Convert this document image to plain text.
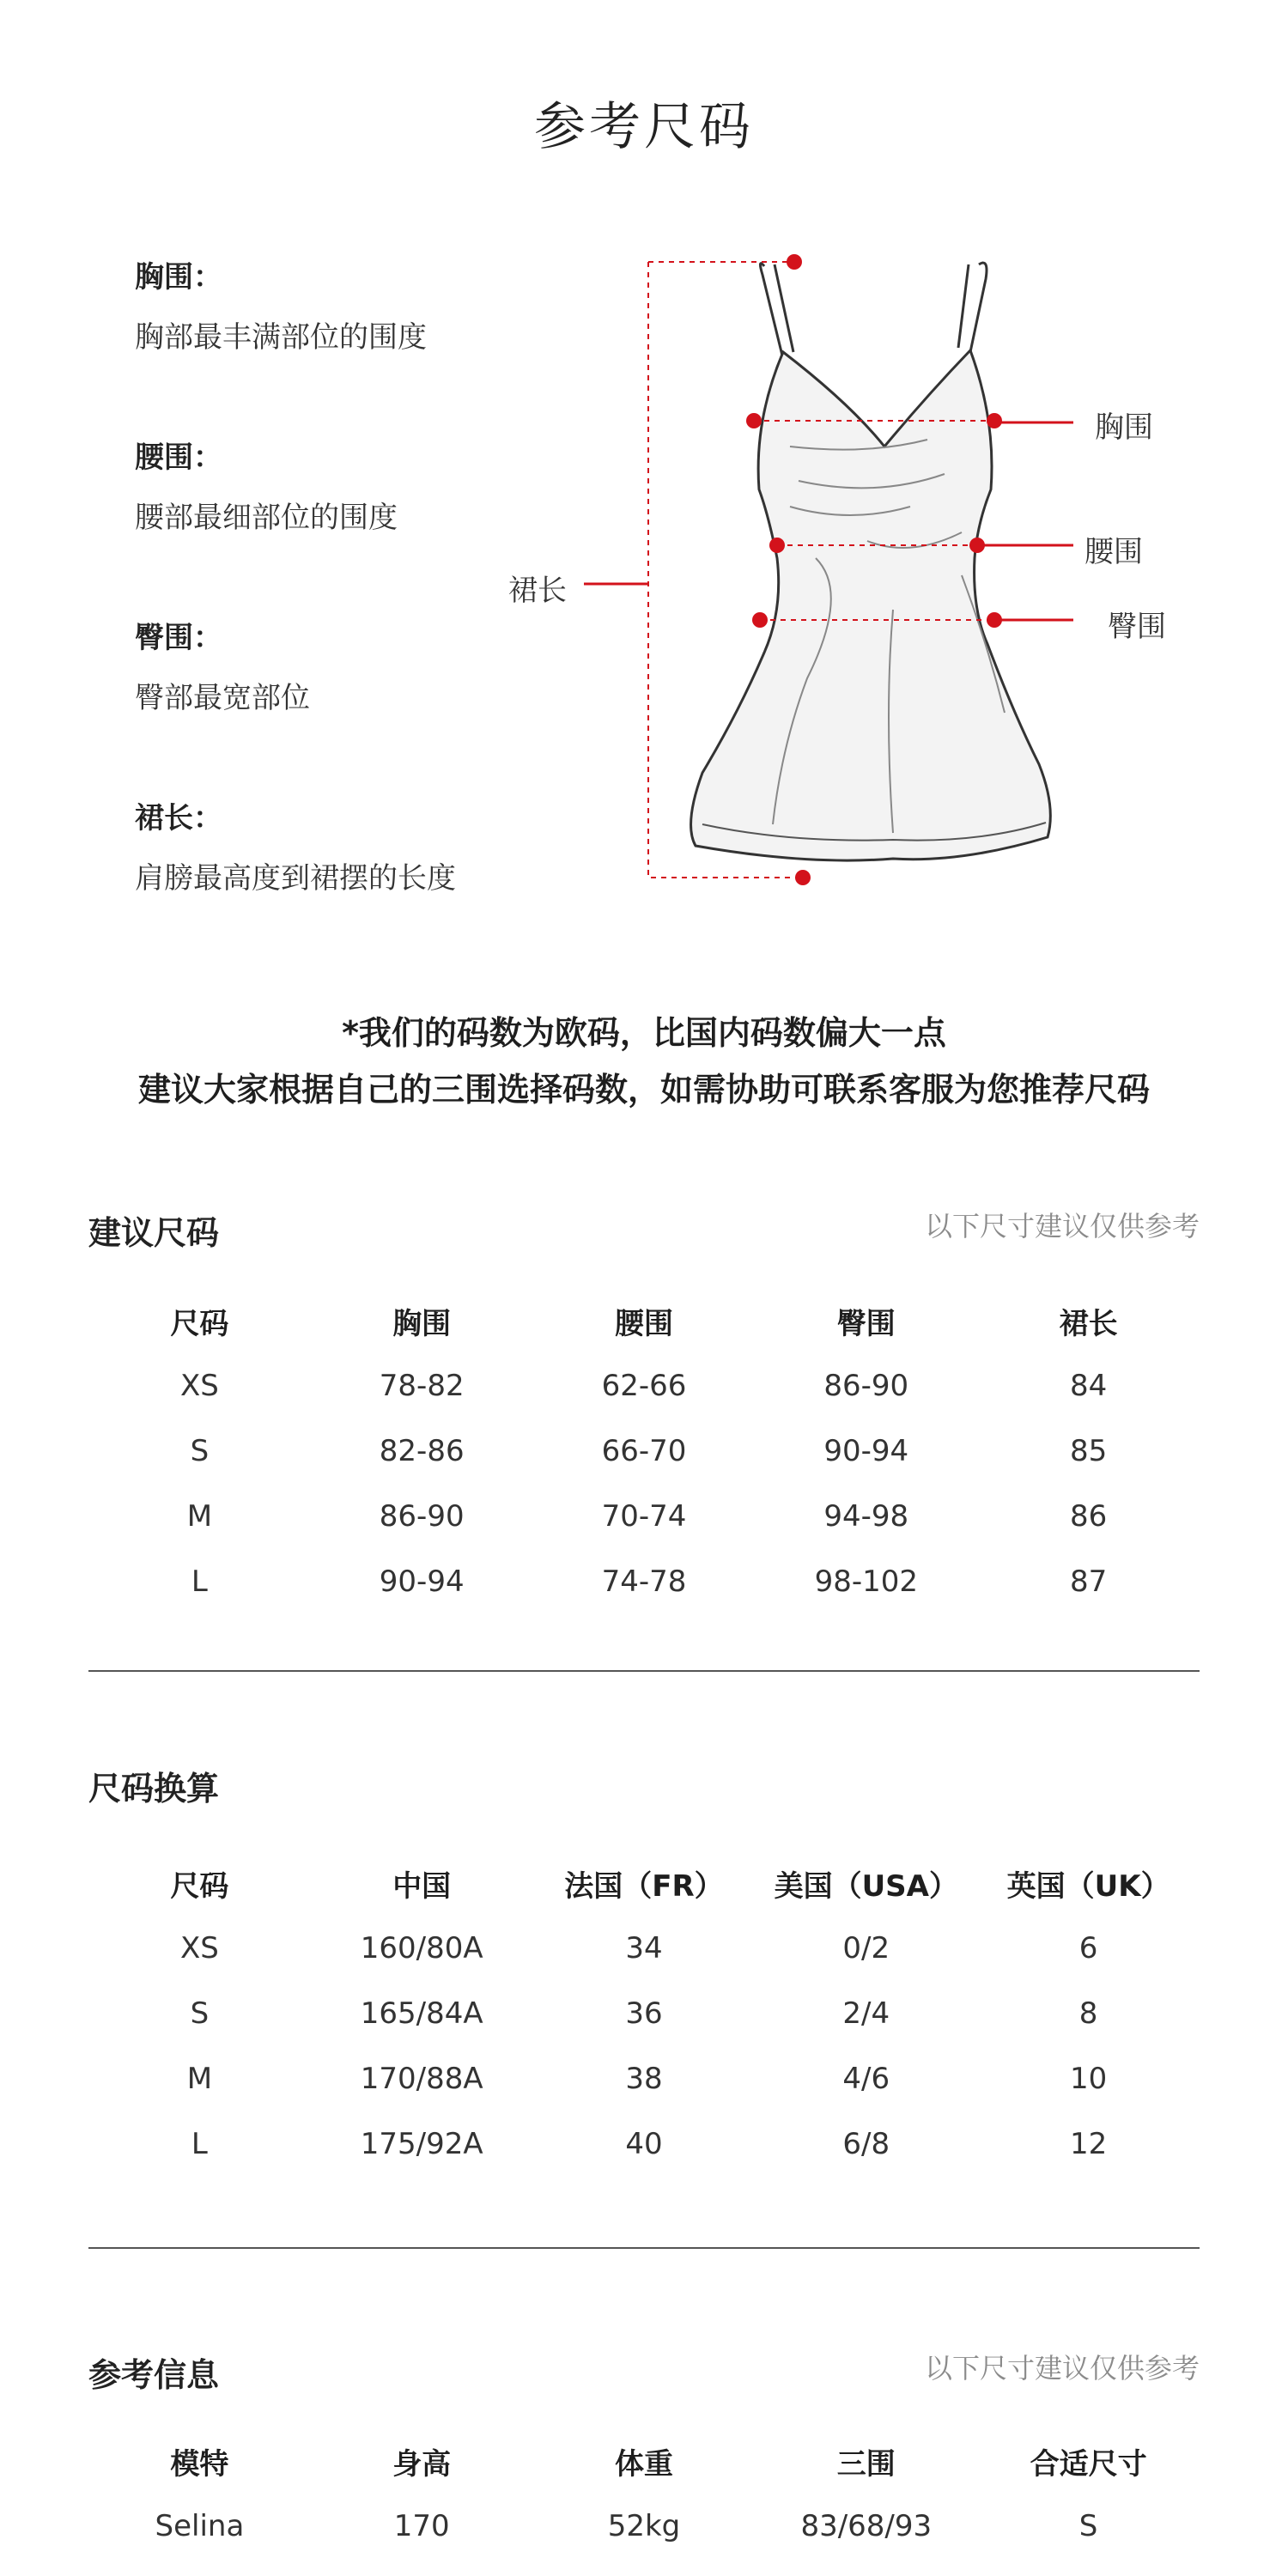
参考尺码
胸围：
胸部最丰满部位的围度
腰围：
腰部最细部位的围度
臀围：
臀部最宽部位
裙长：
肩膀最高度到裙摆的长度
胸围
腰围
臀围
裙长
*我们的码数为欧码，比国内码数偏大一点
建议大家根据自己的三围选择码数，如需协助可联系客服为您推荐尺码
建议尺码	以下尺寸建议仅供参考
尺码	胸围	腰围	臀围	裙长
XS	78-82	62-66	86-90	84
S	82-86	66-70	90-94	85
M	86-90	70-74	94-98	86
L	90-94	74-78	98-102	87
尺码换算
尺码	中国	法国（FR）	美国（USA）	英国（UK）
XS	160/80A	34	0/2	6
S	165/84A	36	2/4	8
M	170/88A	38	4/6	10
L	175/92A	40	6/8	12
参考信息	以下尺寸建议仅供参考
模特	身高	体重	三围	合适尺寸
Selina	170	52kg	83/68/93	S
